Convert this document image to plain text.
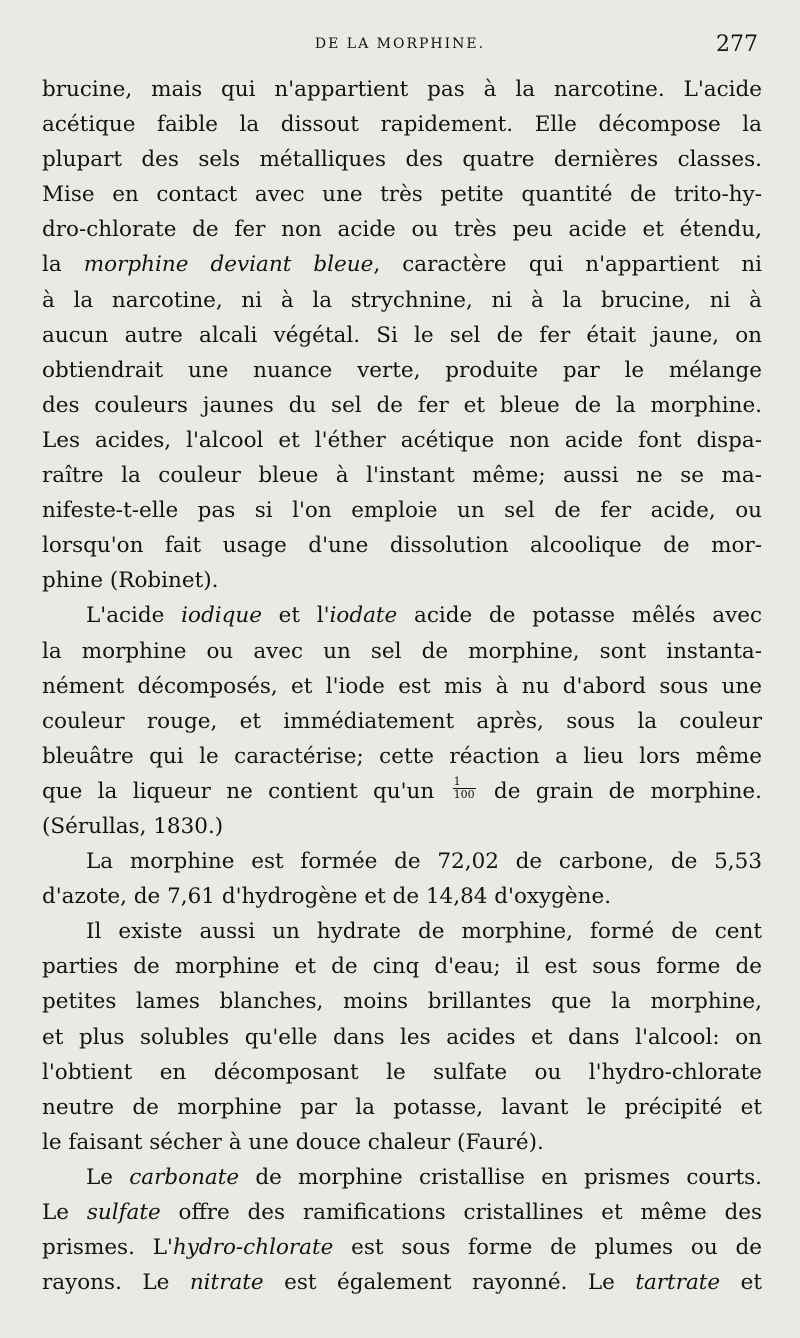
DE LA MORPHINE.	277
brucine, mais qui n'appartient pas à la narcotine. L'acide
acétique faible la dissout rapidement. Elle décompose la
plupart des sels métalliques des quatre dernières classes.
Mise en contact avec une très petite quantité de trito-hy-
dro-chlorate de fer non acide ou très peu acide et étendu,
la morphine deviant bleue, caractère qui n'appartient ni
à la narcotine, ni à la strychnine, ni à la brucine, ni à
aucun autre alcali végétal. Si le sel de fer était jaune, on
obtiendrait une nuance verte, produite par le mélange
des couleurs jaunes du sel de fer et bleue de la morphine.
Les acides, l'alcool et l'éther acétique non acide font dispa-
raître la couleur bleue à l'instant même; aussi ne se ma-
nifeste-t-elle pas si l'on emploie un sel de fer acide, ou
lorsqu'on fait usage d'une dissolution alcoolique de mor-
phine (Robinet).
L'acide iodique et l'iodate acide de potasse mêlés avec
la morphine ou avec un sel de morphine, sont instanta-
nément décomposés, et l'iode est mis à nu d'abord sous une
couleur rouge, et immédiatement après, sous la couleur
bleuâtre qui le caractérise; cette réaction a lieu lors même
que la liqueur ne contient $qu'un \frac{1}{100}$ de grain de morphine.
(Sérullas, 1830.)
La morphine est formée de 72,02 de carbone, de 5,53
d'azote, de 7,61 d'hydrogène et de 14,84 d'oxygène.
Il existe aussi un hydrate de morphine, formé de cent
parties de morphine et de cinq d'eau; il est sous forme de
petites lames blanches, moins brillantes que la morphine,
et plus solubles qu'elle dans les acides et dans l'alcool: on
l'obtient en décomposant le sulfate ou l'hydro-chlorate
neutre de morphine par la potasse, lavant le précipité et
le faisant sécher à une douce chaleur (Fauré).
Le carbonate de morphine cristallise en prismes courts.
Le sulfate offre des ramifications cristallines et même des
prismes. L'hydro-chlorate est sous forme de plumes ou de
rayons. Le nitrate est également rayonné. Le tartrate et
